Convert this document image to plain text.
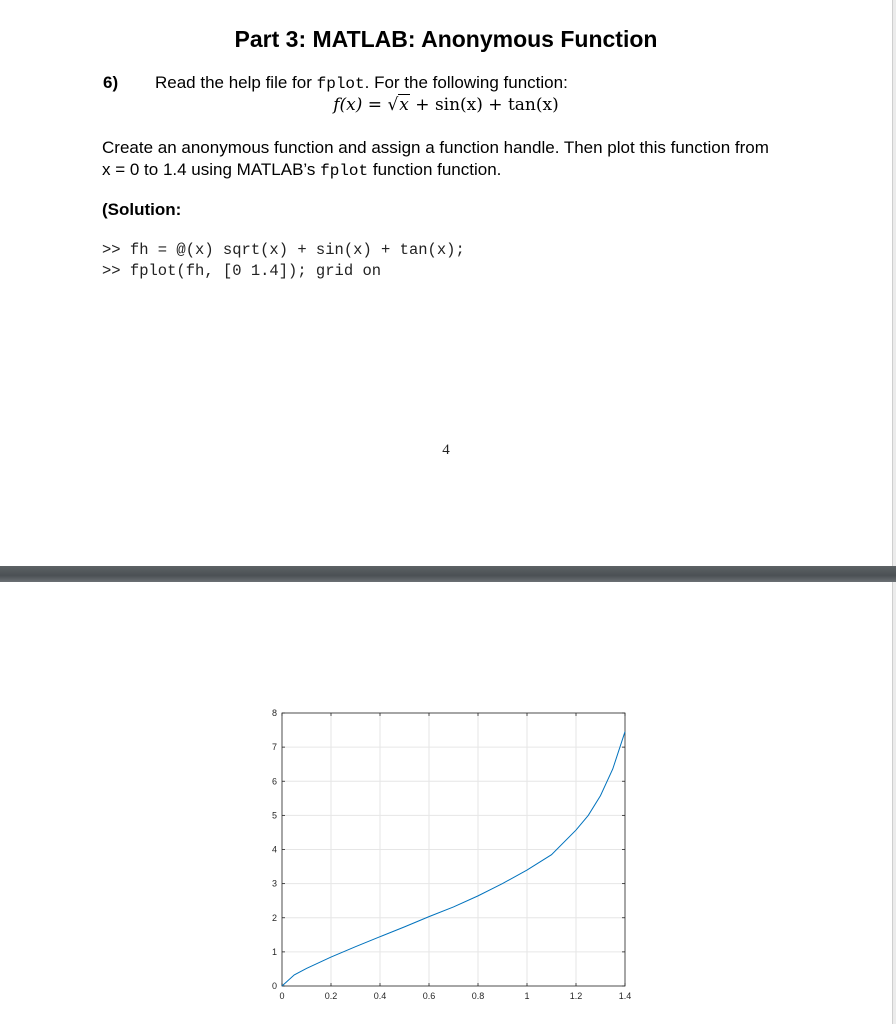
Part 3: MATLAB: Anonymous Function
6) Read the help file for fplot. For the following function:
f(x) = √x + sin(x) + tan(x)
Create an anonymous function and assign a function handle. Then plot this function from
x = 0 to 1.4 using MATLAB’s fplot function function.
(Solution:
>> fh = @(x) sqrt(x) + sin(x) + tan(x);
>> fplot(fh, [0 1.4]); grid on
4
0	0.2	0.4	0.6	0.8	1	1.2	1.4
0
1
2
3
4
5
6
7
8
